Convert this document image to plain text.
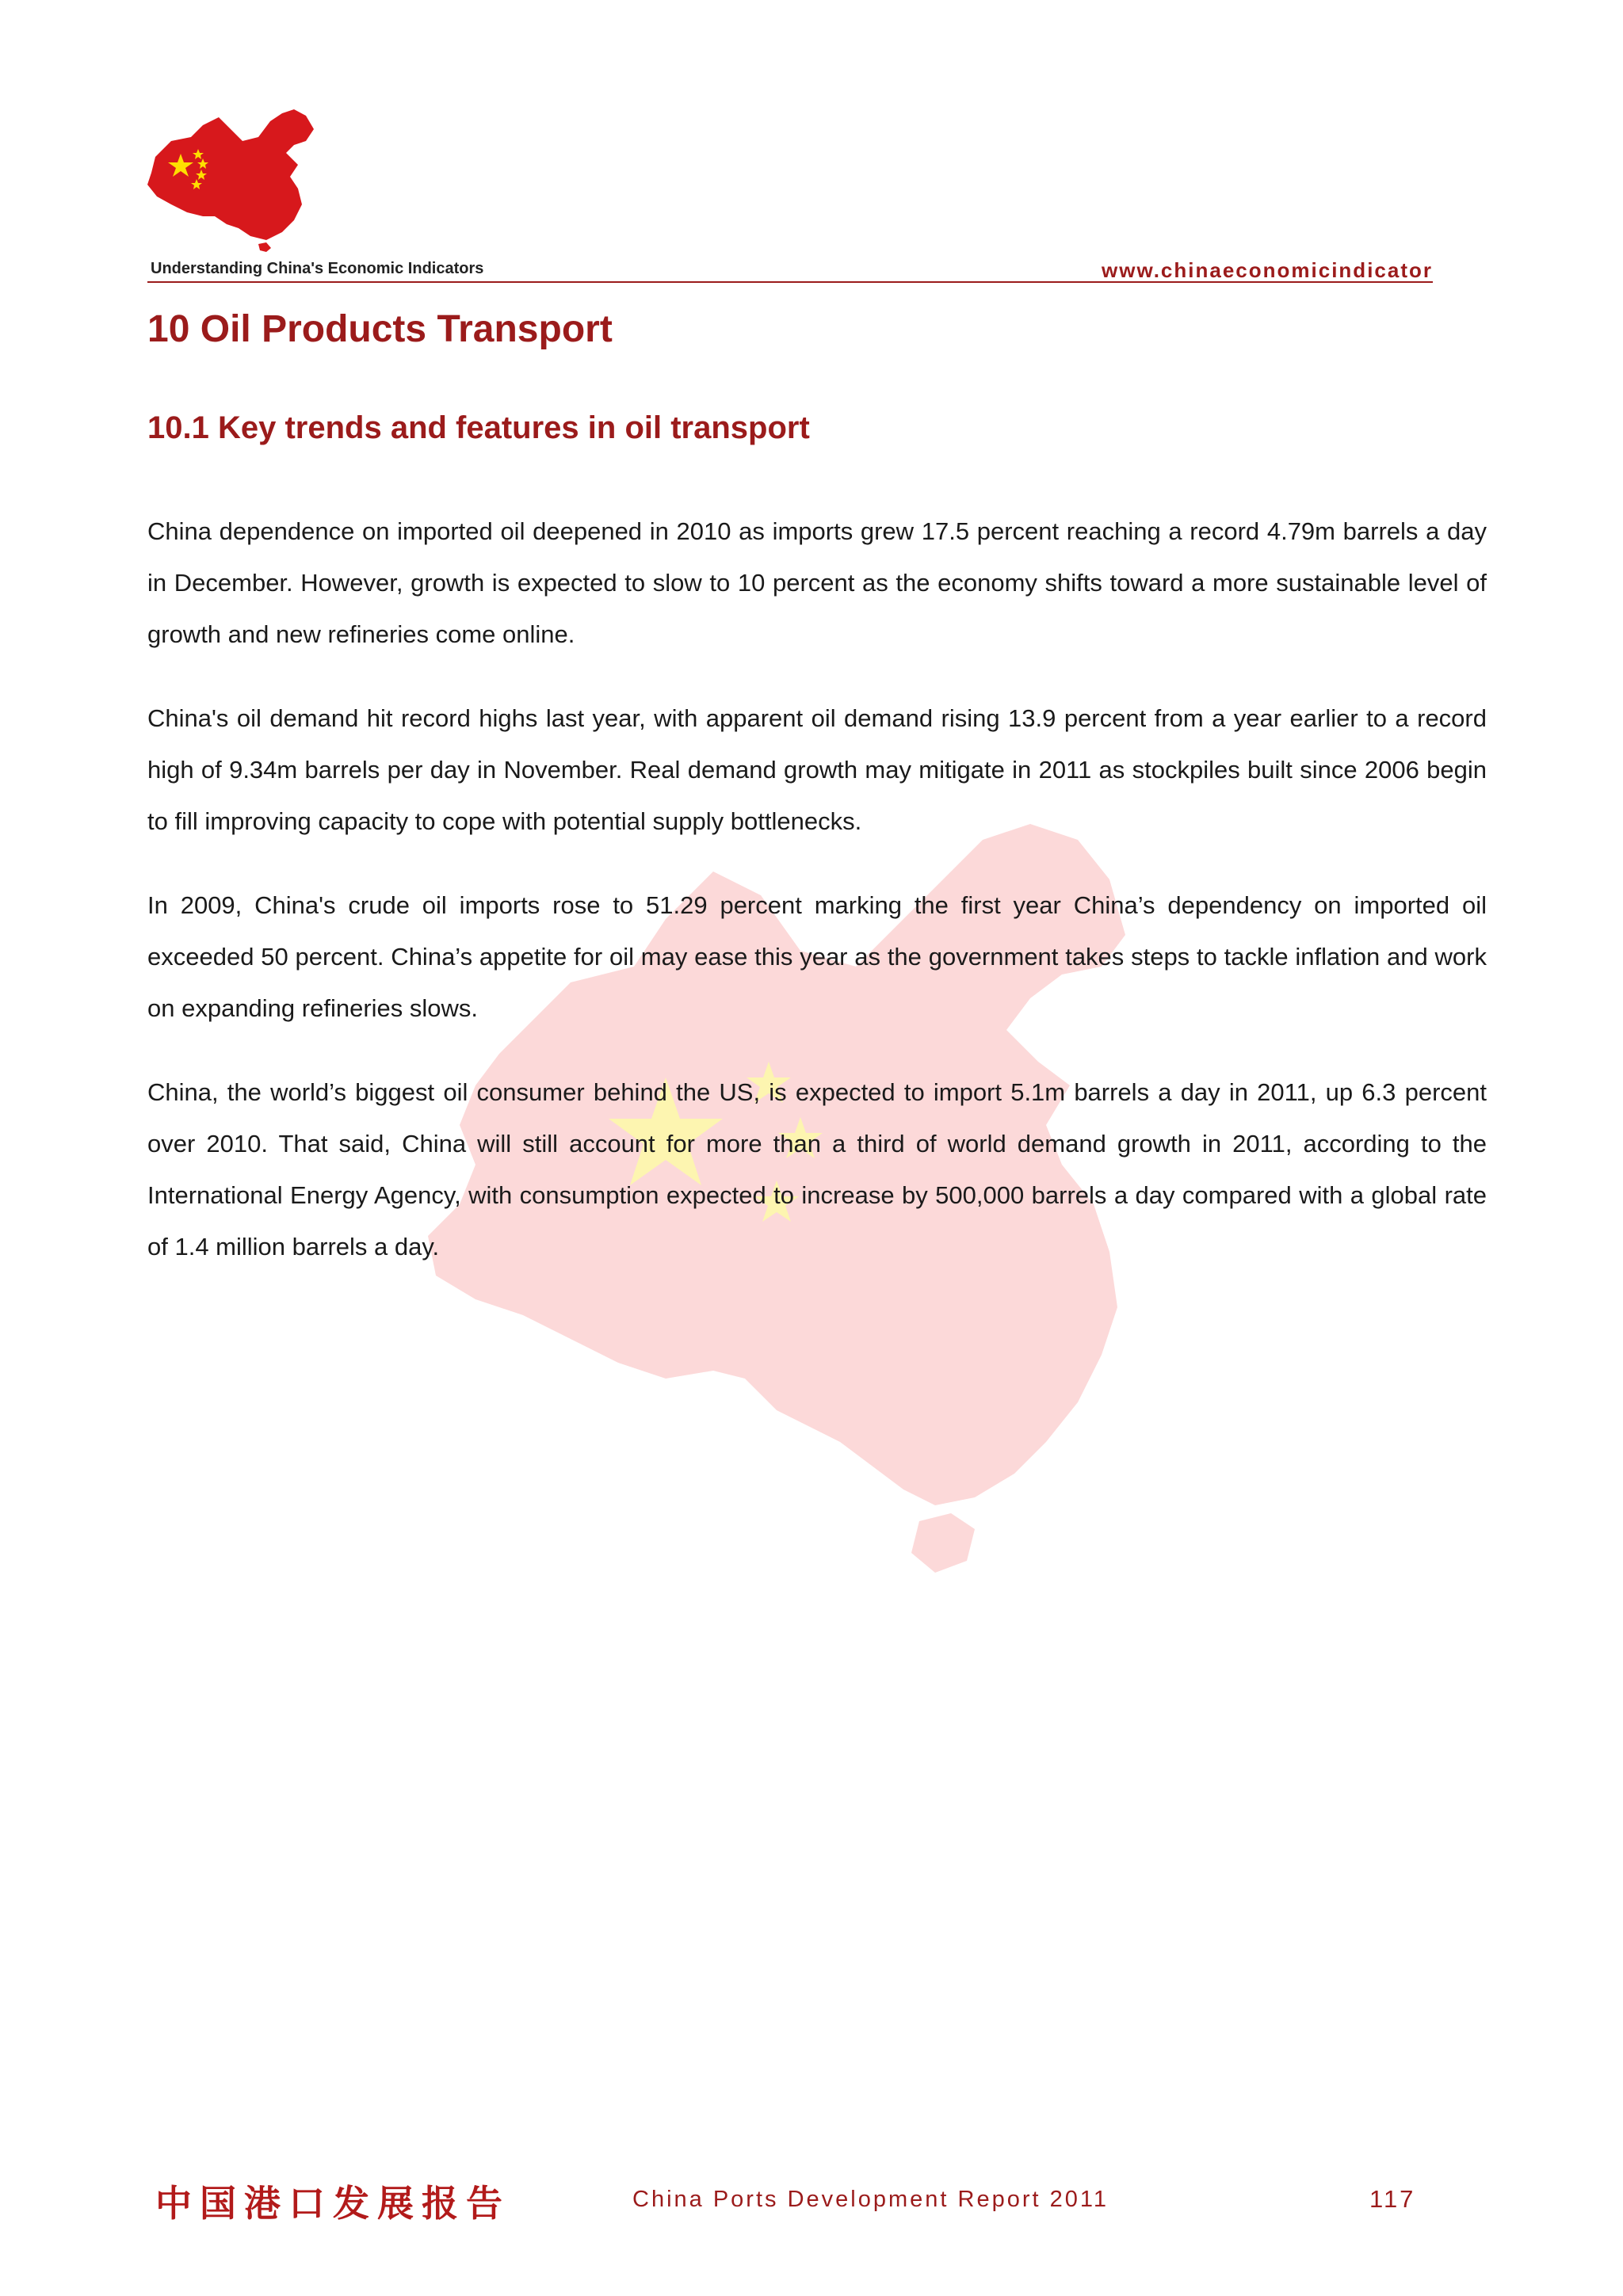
Understanding China's Economic Indicators	www.chinaeconomicindicator
10 Oil Products Transport
10.1 Key trends and features in oil transport

China dependence on imported oil deepened in 2010 as imports grew 17.5 percent reaching a record 4.79m barrels a day in December. However, growth is expected to slow to 10 percent as the economy shifts toward a more sustainable level of growth and new refineries come online.

China's oil demand hit record highs last year, with apparent oil demand rising 13.9 percent from a year earlier to a record high of 9.34m barrels per day in November. Real demand growth may mitigate in 2011 as stockpiles built since 2006 begin to fill improving capacity to cope with potential supply bottlenecks.

In 2009, China's crude oil imports rose to 51.29 percent marking the first year China’s dependency on imported oil exceeded 50 percent. China’s appetite for oil may ease this year as the government takes steps to tackle inflation and work on expanding refineries slows.

China, the world’s biggest oil consumer behind the US, is expected to import 5.1m barrels a day in 2011, up 6.3 percent over 2010. That said, China will still account for more than a third of world demand growth in 2011, according to the International Energy Agency, with consumption expected to increase by 500,000 barrels a day compared with a global rate of 1.4 million barrels a day.

中国港口发展报告	China Ports Development Report 2011	117
